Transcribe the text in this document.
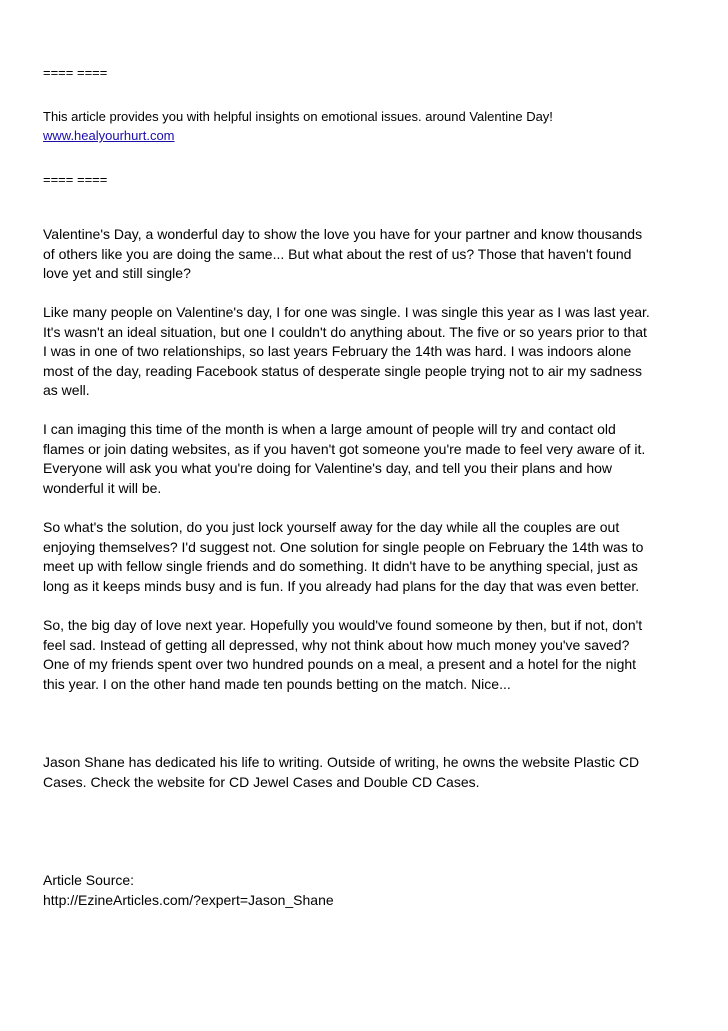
==== ====

This article provides you with helpful insights on emotional issues. around Valentine Day!
www.healyourhurt.com

==== ====

Valentine's Day, a wonderful day to show the love you have for your partner and know thousands
of others like you are doing the same... But what about the rest of us? Those that haven't found
love yet and still single?
Like many people on Valentine's day, I for one was single. I was single this year as I was last year.
It's wasn't an ideal situation, but one I couldn't do anything about. The five or so years prior to that
I was in one of two relationships, so last years February the 14th was hard. I was indoors alone
most of the day, reading Facebook status of desperate single people trying not to air my sadness
as well.
I can imaging this time of the month is when a large amount of people will try and contact old
flames or join dating websites, as if you haven't got someone you're made to feel very aware of it.
Everyone will ask you what you're doing for Valentine's day, and tell you their plans and how
wonderful it will be.
So what's the solution, do you just lock yourself away for the day while all the couples are out
enjoying themselves? I'd suggest not. One solution for single people on February the 14th was to
meet up with fellow single friends and do something. It didn't have to be anything special, just as
long as it keeps minds busy and is fun. If you already had plans for the day that was even better.
So, the big day of love next year. Hopefully you would've found someone by then, but if not, don't
feel sad. Instead of getting all depressed, why not think about how much money you've saved?
One of my friends spent over two hundred pounds on a meal, a present and a hotel for the night
this year. I on the other hand made ten pounds betting on the match. Nice...
Jason Shane has dedicated his life to writing. Outside of writing, he owns the website Plastic CD
Cases. Check the website for CD Jewel Cases and Double CD Cases.
Article Source:
http://EzineArticles.com/?expert=Jason_Shane
